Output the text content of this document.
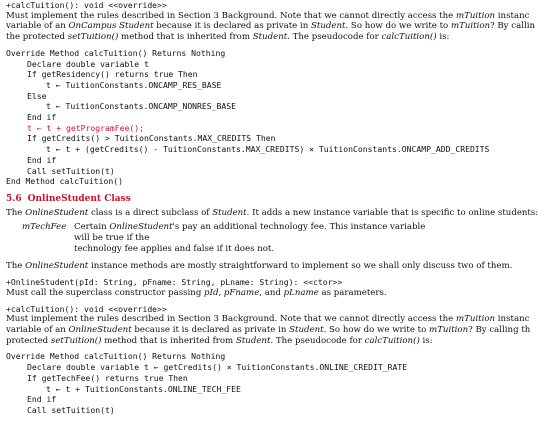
+calcTuition(): void <<override>>
Must implement the rules described in Section 3 Background. Note that we cannot directly access the mTuition instanc
variable of an OnCampus Student because it is declared as private in Student. So how do we write to mTuition? By callin
the protected setTuition() method that is inherited from Student. The pseudocode for calcTuition() is:
Override Method calcTuition() Returns Nothing
Declare double variable t
If getResidency() returns true Then
t ← TuitionConstants.ONCAMP_RES_BASE
Else
t ← TuitionConstants.ONCAMP_NONRES_BASE
End if
t ← t + getProgramFee();
If getCredits() > TuitionConstants.MAX_CREDITS Then
t ← t + (getCredits() - TuitionConstants.MAX_CREDITS) × TuitionConstants.ONCAMP_ADD_CREDITS
End if
Call setTuition(t)
End Method calcTuition()
5.6 OnlineStudent Class
The OnlineStudent class is a direct subclass of Student. It adds a new instance variable that is specific to online students:
mTechFee Certain OnlineStudent's pay an additional technology fee. This instance variable will be true if the
technology fee applies and false if it does not.
The OnlineStudent instance methods are mostly straightforward to implement so we shall only discuss two of them.
+OnlineStudent(pId: String, pFname: String, pLname: String): <<ctor>>
Must call the superclass constructor passing pId, pFname, and pLname as parameters.
+calcTuition(): void <<override>>
Must implement the rules described in Section 3 Background. Note that we cannot directly access the mTuition instanc
variable of an OnlineStudent because it is declared as private in Student. So how do we write to mTuition? By calling th
protected setTuition() method that is inherited from Student. The pseudocode for calcTuition() is:
Override Method calcTuition() Returns Nothing
Declare double variable t ← getCredits() × TuitionConstants.ONLINE_CREDIT_RATE
If getTechFee() returns true Then
t ← t + TuitionConstants.ONLINE_TECH_FEE
End if
Call setTuition(t)
